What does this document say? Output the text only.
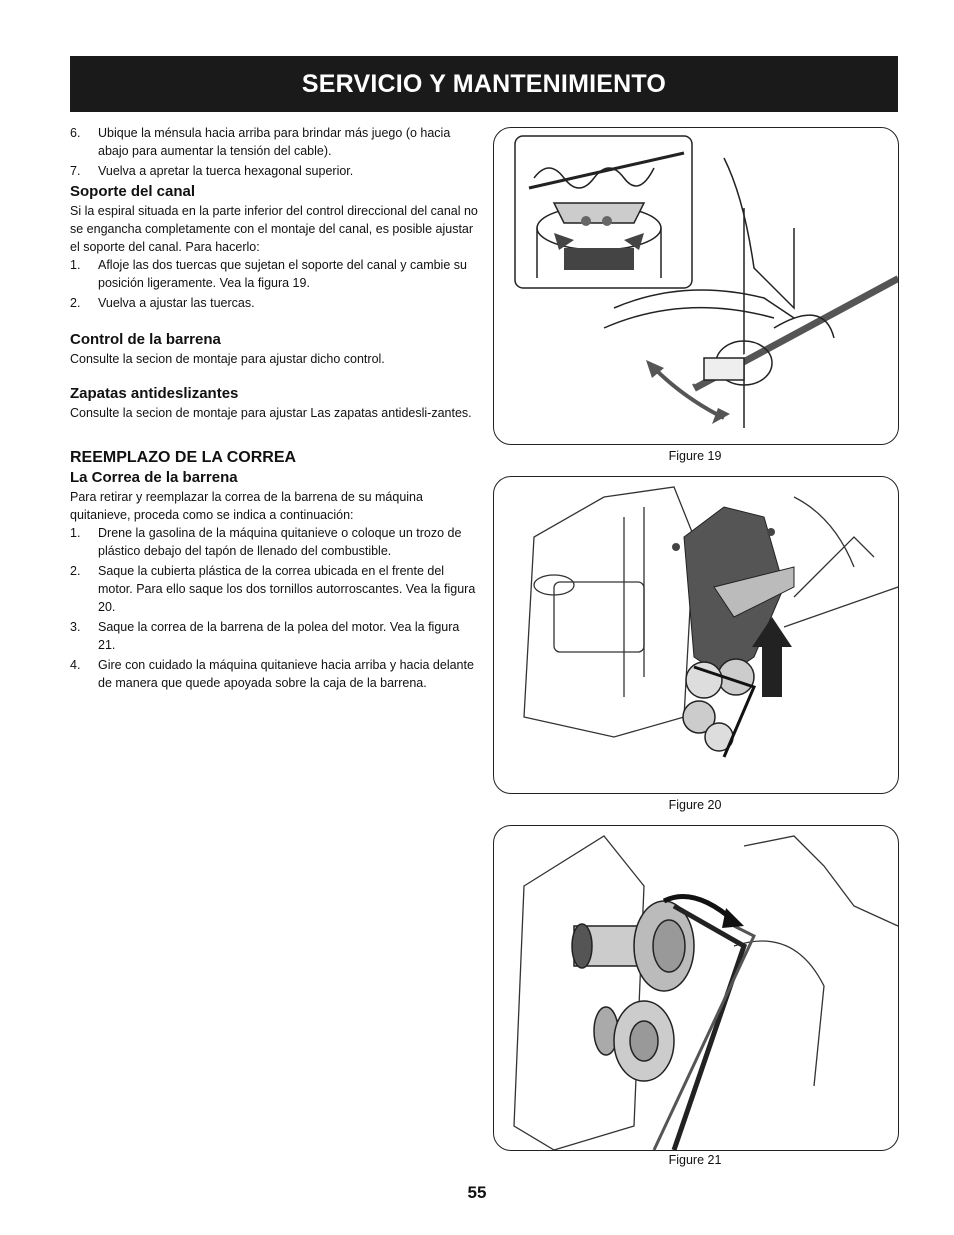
SERVICIO Y MANTENIMIENTO
6.	Ubique la ménsula hacia arriba para brindar más juego (o hacia abajo para aumentar la tensión del cable).
7.	Vuelva a apretar la tuerca hexagonal superior.
Soporte del canal

Si la espiral situada en la parte inferior del control direccional del canal no se engancha completamente con el montaje del canal, es posible ajustar el soporte del canal. Para hacerlo:

1.	Afloje las dos tuercas que sujetan el soporte del canal y cambie su posición ligeramente. Vea la figura 19.
2.	Vuelva a ajustar las tuercas.
Control de la barrena

Consulte la secion de montaje para ajustar dicho control.

Zapatas antideslizantes

Consulte la secion de montaje para ajustar Las zapatas antidesli-zantes.

REEMPLAZO DE LA CORREA
La Correa de la barrena

Para retirar y reemplazar la correa de la barrena de su máquina quitanieve, proceda como se indica a continuación:

1.	Drene la gasolina de la máquina quitanieve o coloque un trozo de plástico debajo del tapón de llenado del combustible.
2.	Saque la cubierta plástica de la correa ubicada en el frente del motor. Para ello saque los dos tornillos autorroscantes. Vea la figura 20.
3.	Saque la correa de la barrena de la polea del motor. Vea la figura 21.
4.	Gire con cuidado la máquina quitanieve hacia arriba y hacia delante de manera que quede apoyada sobre la caja de la barrena.
Figure 19
Figure 20
Figure 21
55
